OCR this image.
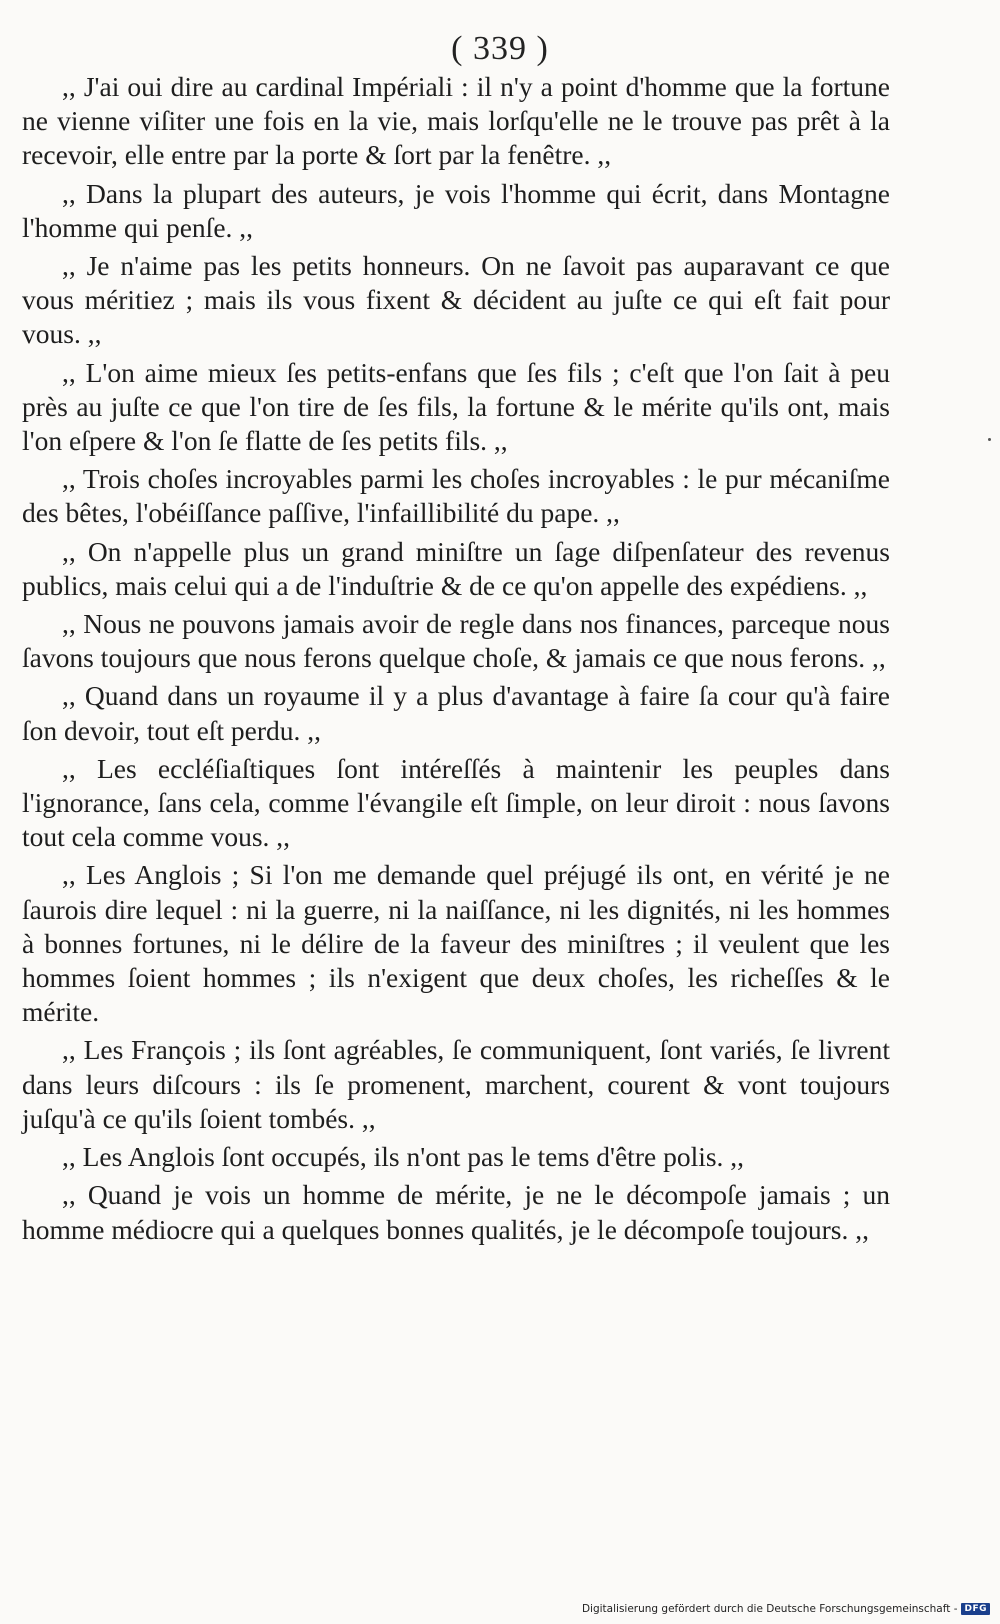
( 339 )

,, J'ai oui dire au cardinal Impériali : il n'y a point d'homme que la fortune ne vienne viſiter une fois en la vie, mais lorſqu'elle ne le trouve pas prêt à la recevoir, elle entre par la porte & ſort par la fenêtre. ,,

,, Dans la plupart des auteurs, je vois l'homme qui écrit, dans Montagne l'homme qui penſe. ,,

,, Je n'aime pas les petits honneurs. On ne ſavoit pas auparavant ce que vous méritiez ; mais ils vous fixent & décident au juſte ce qui eſt fait pour vous. ,,

,, L'on aime mieux ſes petits-enfans que ſes fils ; c'eſt que l'on ſait à peu près au juſte ce que l'on tire de ſes fils, la fortune & le mérite qu'ils ont, mais l'on eſpere & l'on ſe flatte de ſes petits fils. ,,

,, Trois choſes incroyables parmi les choſes incroyables : le pur mécaniſme des bêtes, l'obéiſſance paſſive, l'infaillibilité du pape. ,,

,, On n'appelle plus un grand miniſtre un ſage diſpenſateur des revenus publics, mais celui qui a de l'induſtrie & de ce qu'on appelle des expédiens. ,,

,, Nous ne pouvons jamais avoir de regle dans nos finances, parceque nous ſavons toujours que nous ferons quelque choſe, & jamais ce que nous ferons. ,,

,, Quand dans un royaume il y a plus d'avantage à faire ſa cour qu'à faire ſon devoir, tout eſt perdu. ,,

,, Les eccléſiaſtiques ſont intéreſſés à maintenir les peuples dans l'ignorance, ſans cela, comme l'évangile eſt ſimple, on leur diroit : nous ſavons tout cela comme vous. ,,

,, Les Anglois ; Si l'on me demande quel préjugé ils ont, en vérité je ne ſaurois dire lequel : ni la guerre, ni la naiſſance, ni les dignités, ni les hommes à bonnes fortunes, ni le délire de la faveur des miniſtres ; il veulent que les hommes ſoient hommes ; ils n'exigent que deux choſes, les richeſſes & le mérite.

,, Les François ; ils ſont agréables, ſe communiquent, ſont variés, ſe livrent dans leurs diſcours : ils ſe promenent, marchent, courent & vont toujours juſqu'à ce qu'ils ſoient tombés. ,,

,, Les Anglois ſont occupés, ils n'ont pas le tems d'être polis. ,,

,, Quand je vois un homme de mérite, je ne le décompoſe jamais ; un homme médiocre qui a quelques bonnes qualités, je le décompoſe toujours. ,,

Digitalisierung gefördert durch die Deutsche Forschungsgemeinschaft - DFG
